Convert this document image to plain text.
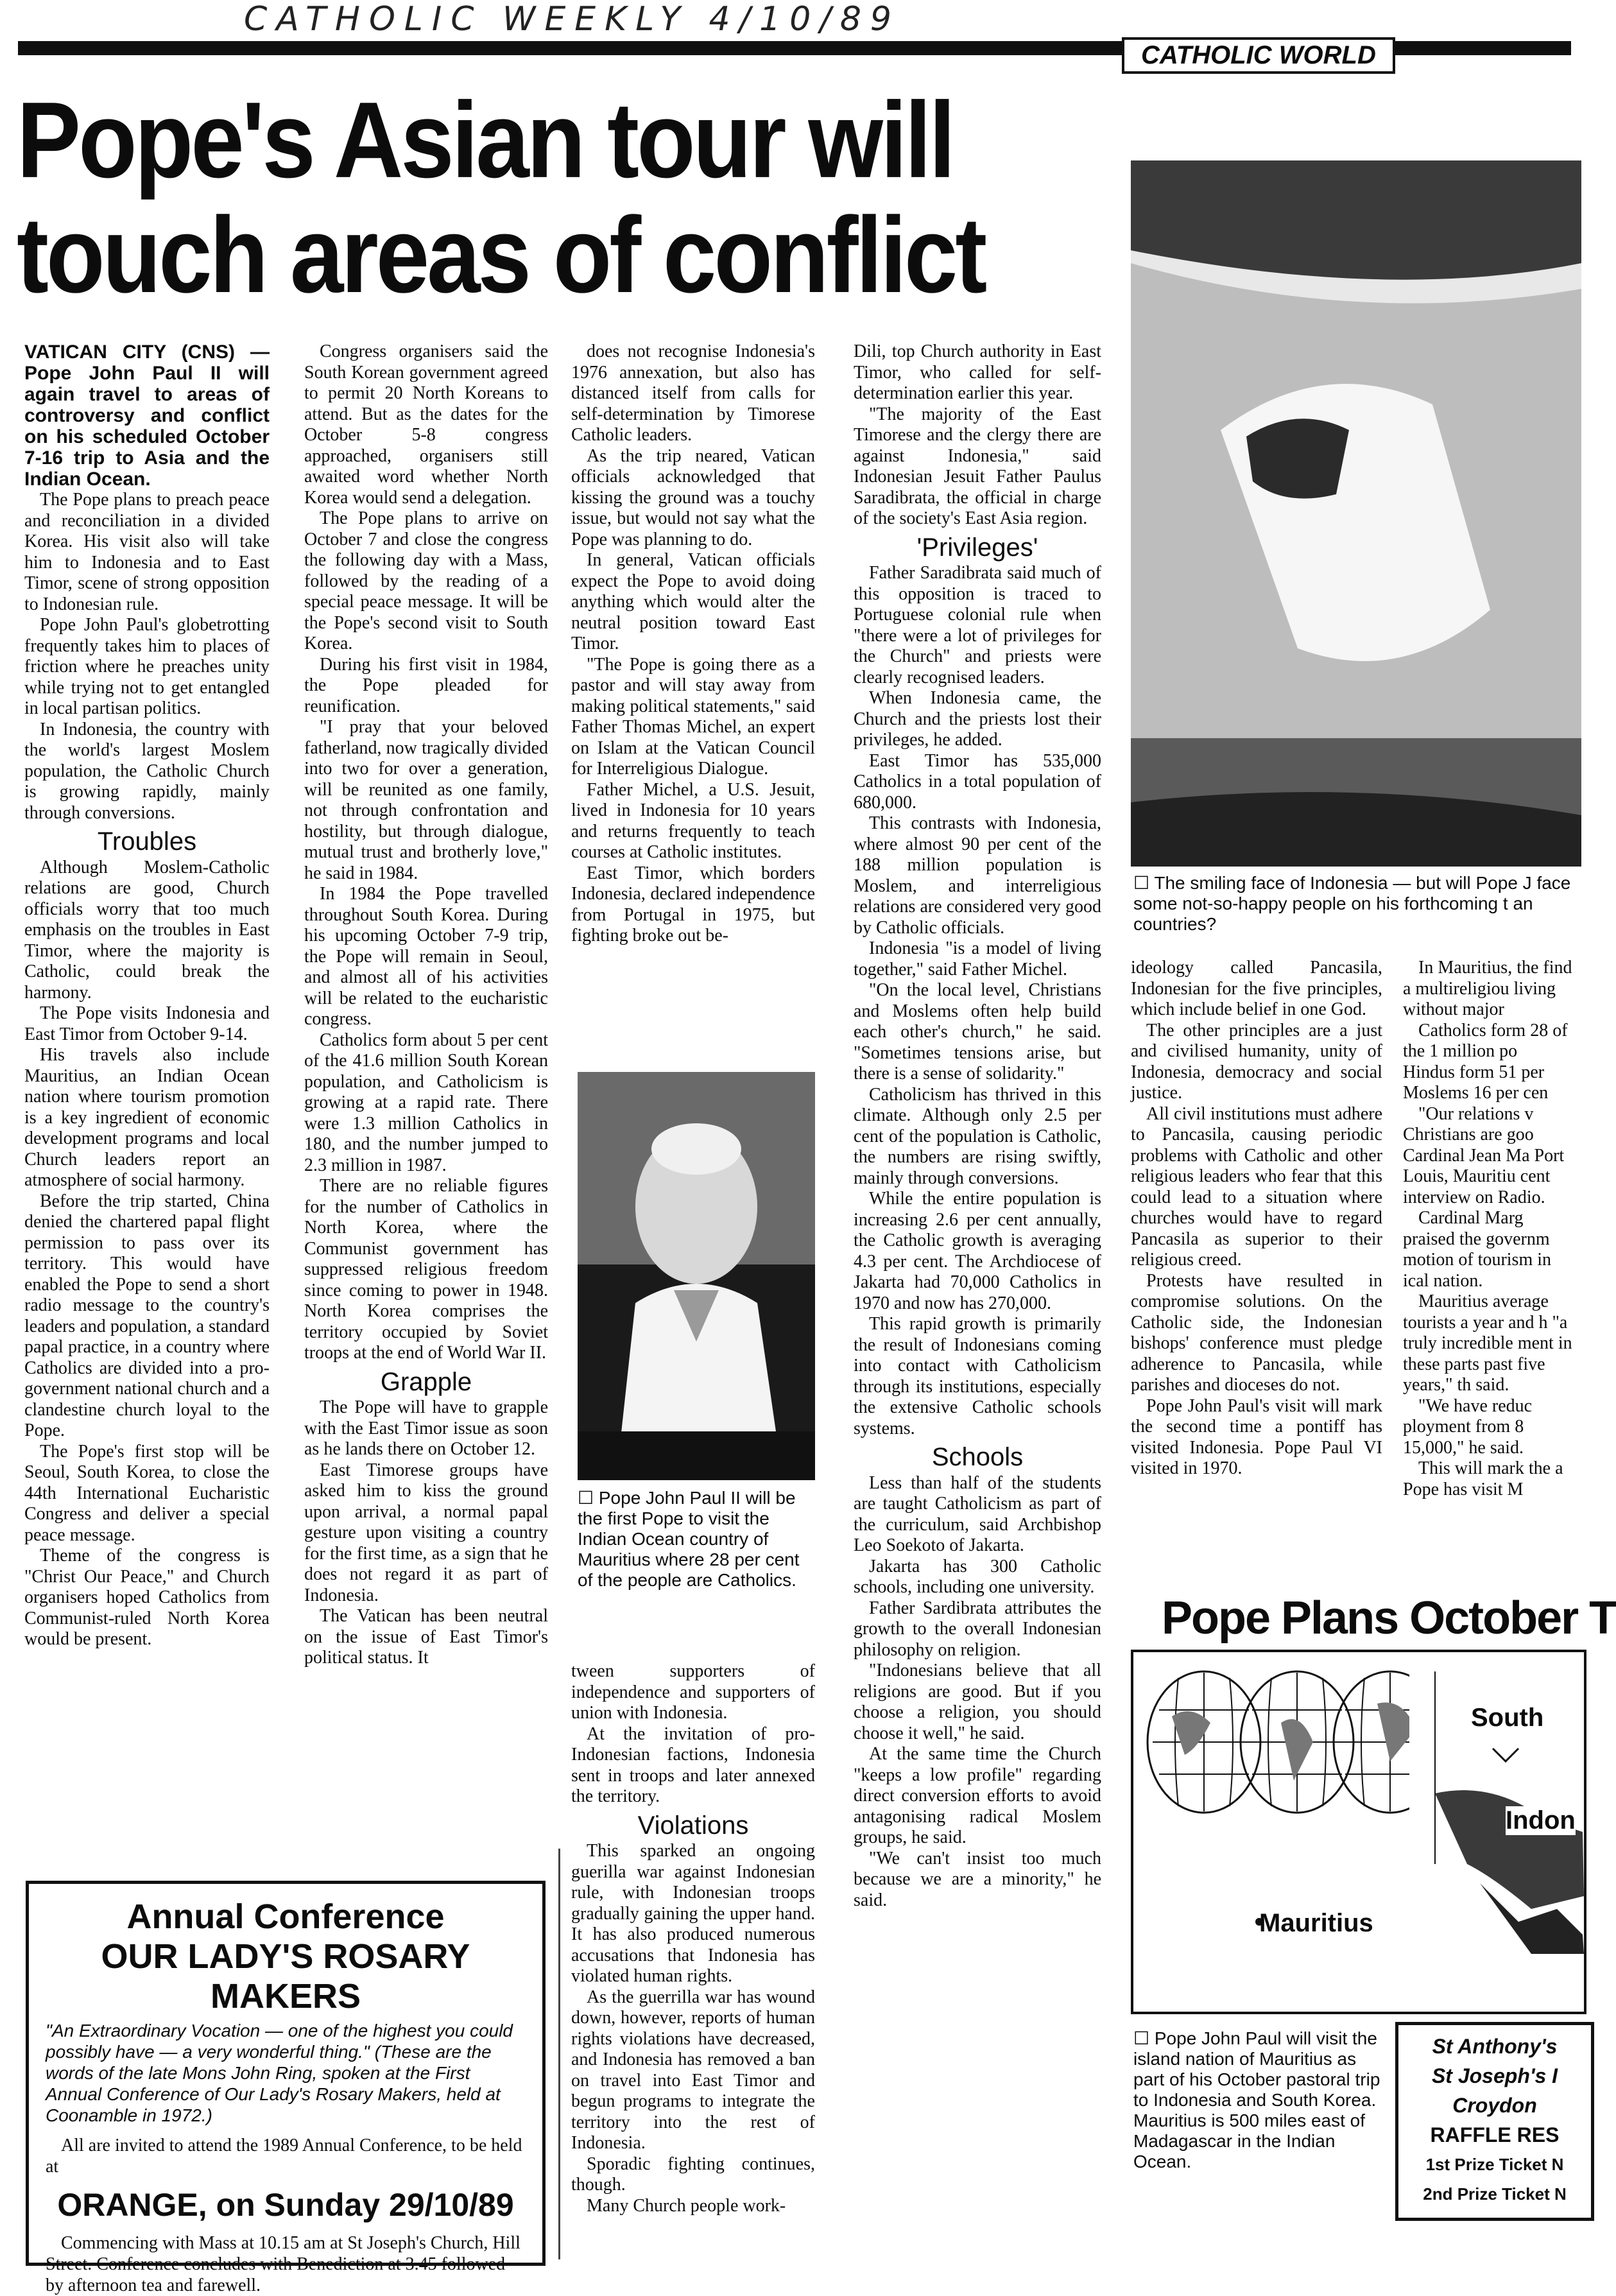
CATHOLIC WEEKLY 4/10/89
CATHOLIC WORLD
Pope's Asian tour will
touch areas of conflict

VATICAN CITY (CNS) — Pope John Paul II will again travel to areas of controversy and conflict on his scheduled October 7-16 trip to Asia and the Indian Ocean.

The Pope plans to preach peace and reconciliation in a divided Korea. His visit also will take him to Indonesia and to East Timor, scene of strong opposition to Indonesian rule.

Pope John Paul's globetrotting frequently takes him to places of friction where he preaches unity while trying not to get entangled in local partisan politics.

In Indonesia, the country with the world's largest Moslem population, the Catholic Church is growing rapidly, mainly through conversions.

Troubles

Although Moslem-Catholic relations are good, Church officials worry that too much emphasis on the troubles in East Timor, where the majority is Catholic, could break the harmony.

The Pope visits Indonesia and East Timor from October 9-14.

His travels also include Mauritius, an Indian Ocean nation where tourism promotion is a key ingredient of economic development programs and local Church leaders report an atmosphere of social harmony.

Before the trip started, China denied the chartered papal flight permission to pass over its territory. This would have enabled the Pope to send a short radio message to the country's leaders and population, a standard papal practice, in a country where Catholics are divided into a pro-government national church and a clandestine church loyal to the Pope.

The Pope's first stop will be Seoul, South Korea, to close the 44th International Eucharistic Congress and deliver a special peace message.

Theme of the congress is "Christ Our Peace," and Church organisers hoped Catholics from Communist-ruled North Korea would be present.

Congress organisers said the South Korean government agreed to permit 20 North Koreans to attend. But as the dates for the October 5-8 congress approached, organisers still awaited word whether North Korea would send a delegation.

The Pope plans to arrive on October 7 and close the congress the following day with a Mass, followed by the reading of a special peace message. It will be the Pope's second visit to South Korea.

During his first visit in 1984, the Pope pleaded for reunification.

"I pray that your beloved fatherland, now tragically divided into two for over a generation, will be reunited as one family, not through confrontation and hostility, but through dialogue, mutual trust and brotherly love," he said in 1984.

In 1984 the Pope travelled throughout South Korea. During his upcoming October 7-9 trip, the Pope will remain in Seoul, and almost all of his activities will be related to the eucharistic congress.

Catholics form about 5 per cent of the 41.6 million South Korean population, and Catholicism is growing at a rapid rate. There were 1.3 million Catholics in 180, and the number jumped to 2.3 million in 1987.

There are no reliable figures for the number of Catholics in North Korea, where the Communist government has suppressed religious freedom since coming to power in 1948. North Korea comprises the territory occupied by Soviet troops at the end of World War II.

Grapple

The Pope will have to grapple with the East Timor issue as soon as he lands there on October 12.

East Timorese groups have asked him to kiss the ground upon arrival, a normal papal gesture upon visiting a country for the first time, as a sign that he does not regard it as part of Indonesia.

The Vatican has been neutral on the issue of East Timor's political status. It

does not recognise Indonesia's 1976 annexation, but also has distanced itself from calls for self-determination by Timorese Catholic leaders.

As the trip neared, Vatican officials acknowledged that kissing the ground was a touchy issue, but would not say what the Pope was planning to do.

In general, Vatican officials expect the Pope to avoid doing anything which would alter the neutral position toward East Timor.

"The Pope is going there as a pastor and will stay away from making political statements," said Father Thomas Michel, an expert on Islam at the Vatican Council for Interreligious Dialogue.

Father Michel, a U.S. Jesuit, lived in Indonesia for 10 years and returns frequently to teach courses at Catholic institutes.

East Timor, which borders Indonesia, declared independence from Portugal in 1975, but fighting broke out be-

☐ Pope John Paul II will be the first Pope to visit the Indian Ocean country of Mauritius where 28 per cent of the people are Catholics.

tween supporters of independence and supporters of union with Indonesia.

At the invitation of pro-Indonesian factions, Indonesia sent in troops and later annexed the territory.

Violations

This sparked an ongoing guerilla war against Indonesian rule, with Indonesian troops gradually gaining the upper hand. It has also produced numerous accusations that Indonesia has violated human rights.

As the guerrilla war has wound down, however, reports of human rights violations have decreased, and Indonesia has removed a ban on travel into East Timor and begun programs to integrate the territory into the rest of Indonesia.

Sporadic fighting continues, though.

Many Church people work-

Dili, top Church authority in East Timor, who called for self-determination earlier this year.

"The majority of the East Timorese and the clergy there are against Indonesia," said Indonesian Jesuit Father Paulus Saradibrata, the official in charge of the society's East Asia region.

'Privileges'

Father Saradibrata said much of this opposition is traced to Portuguese colonial rule when "there were a lot of privileges for the Church" and priests were clearly recognised leaders.

When Indonesia came, the Church and the priests lost their privileges, he added.

East Timor has 535,000 Catholics in a total population of 680,000.

This contrasts with Indonesia, where almost 90 per cent of the 188 million population is Moslem, and interreligious relations are considered very good by Catholic officials.

Indonesia "is a model of living together," said Father Michel.

"On the local level, Christians and Moslems often help build each other's church," he said. "Sometimes tensions arise, but there is a sense of solidarity."

Catholicism has thrived in this climate. Although only 2.5 per cent of the population is Catholic, the numbers are rising swiftly, mainly through conversions.

While the entire population is increasing 2.6 per cent annually, the Catholic growth is averaging 4.3 per cent. The Archdiocese of Jakarta had 70,000 Catholics in 1970 and now has 270,000.

This rapid growth is primarily the result of Indonesians coming into contact with Catholicism through its institutions, especially the extensive Catholic schools systems.

Schools

Less than half of the students are taught Catholicism as part of the curriculum, said Archbishop Leo Soekoto of Jakarta.

Jakarta has 300 Catholic schools, including one university.

Father Sardibrata attributes the growth to the overall Indonesian philosophy on religion.

"Indonesians believe that all religions are good. But if you choose a religion, you should choose it well," he said.

At the same time the Church "keeps a low profile" regarding direct conversion efforts to avoid antagonising radical Moslem groups, he said.

"We can't insist too much because we are a minority," he said.

☐ The smiling face of Indonesia — but will Pope J face some not-so-happy people on his forthcoming t an countries?

ideology called Pancasila, Indonesian for the five principles, which include belief in one God.

The other principles are a just and civilised humanity, unity of Indonesia, democracy and social justice.

All civil institutions must adhere to Pancasila, causing periodic problems with Catholic and other religious leaders who fear that this could lead to a situation where churches would have to regard Pancasila as superior to their religious creed.

Protests have resulted in compromise solutions. On the Catholic side, the Indonesian bishops' conference must pledge adherence to Pancasila, while parishes and dioceses do not.

Pope John Paul's visit will mark the second time a pontiff has visited Indonesia. Pope Paul VI visited in 1970.

In Mauritius, the find a multireligiou living without major

Catholics form 28 of the 1 million po Hindus form 51 per Moslems 16 per cen

"Our relations v Christians are goo Cardinal Jean Ma Port Louis, Mauritiu cent interview on Radio.

Cardinal Marg praised the governm motion of tourism in ical nation.

Mauritius average tourists a year and h "a truly incredible ment in these parts past five years," th said.

"We have reduc ployment from 8 15,000," he said.

This will mark the a Pope has visit M

Pope Plans October T
South
Indon
Mauritius
☐ Pope John Paul will visit the island nation of Mauritius as part of his October pastoral trip to Indonesia and South Korea. Mauritius is 500 miles east of Madagascar in the Indian Ocean.
St Anthony's
St Joseph's I
Croydon
RAFFLE RES
1st Prize Ticket N
2nd Prize Ticket N
Annual Conference
OUR LADY'S ROSARY MAKERS
"An Extraordinary Vocation — one of the highest you could possibly have — a very wonderful thing." (These are the words of the late Mons John Ring, spoken at the First Annual Conference of Our Lady's Rosary Makers, held at Coonamble in 1972.)
All are invited to attend the 1989 Annual Conference, to be held at
ORANGE, on Sunday 29/10/89
Commencing with Mass at 10.15 am at St Joseph's Church, Hill Street. Conference concludes with Benediction at 3.45 followed by afternoon tea and farewell.
